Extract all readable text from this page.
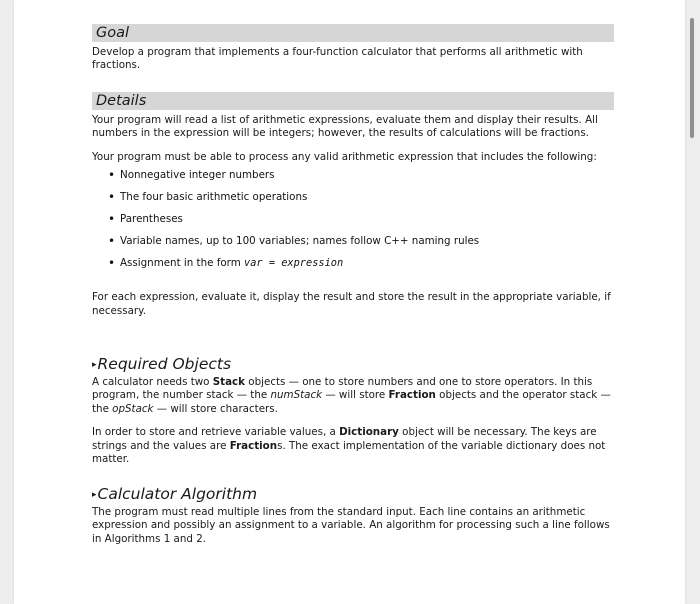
Goal

Develop a program that implements a four-function calculator that performs all arithmetic with fractions.

Details

Your program will read a list of arithmetic expressions, evaluate them and display their results. All numbers in the expression will be integers; however, the results of calculations will be fractions.

Your program must be able to process any valid arithmetic expression that includes the following:

• Nonnegative integer numbers
• The four basic arithmetic operations
• Parentheses
• Variable names, up to 100 variables; names follow C++ naming rules
• Assignment in the form var = expression

For each expression, evaluate it, display the result and store the result in the appropriate variable, if necessary.

▸Required Objects

A calculator needs two Stack objects — one to store numbers and one to store operators. In this program, the number stack — the numStack — will store Fraction objects and the operator stack — the opStack — will store characters.

In order to store and retrieve variable values, a Dictionary object will be necessary. The keys are strings and the values are Fractions. The exact implementation of the variable dictionary does not matter.

▸Calculator Algorithm

The program must read multiple lines from the standard input. Each line contains an arithmetic expression and possibly an assignment to a variable. An algorithm for processing such a line follows in Algorithms 1 and 2.
